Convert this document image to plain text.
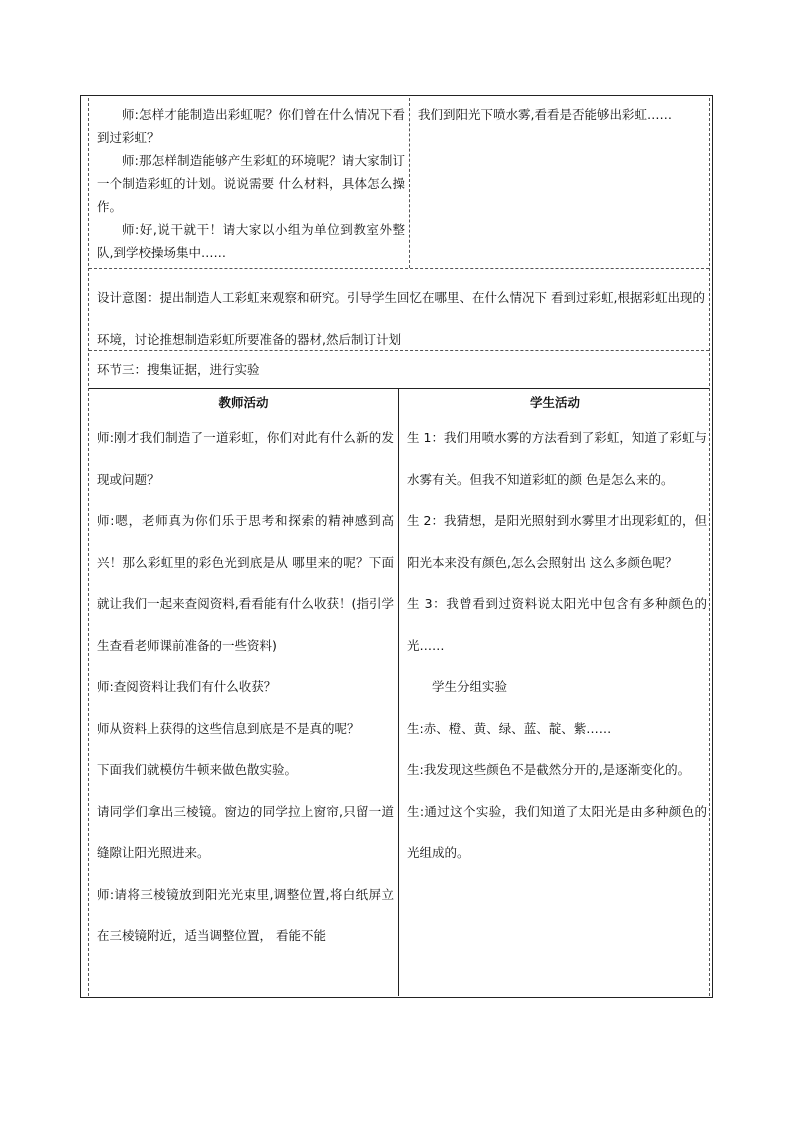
师:怎样才能制造出彩虹呢？你们曾在什么情况下看到过彩虹？

师:那怎样制造能够产生彩虹的环境呢？请大家制订一个制造彩虹的计划。说说需要 什么材料，具体怎么操作。

师:好,说干就干！请大家以小组为单位到教室外整队,到学校操场集中……

我们到阳光下喷水雾,看看是否能够出彩虹……

设计意图：提出制造人工彩虹来观察和研究。引导学生回忆在哪里、在什么情况下 看到过彩虹,根据彩虹出现的环境，讨论推想制造彩虹所要准备的器材,然后制订计划

环节三：搜集证据，进行实验

教师活动	学生活动

师:刚才我们制造了一道彩虹，你们对此有什么新的发现或问题？

师:嗯，老师真为你们乐于思考和探索的精神感到高兴！那么彩虹里的彩色光到底是从 哪里来的呢？下面就让我们一起来查阅资料,看看能有什么收获！(指引学生查看老师课前准备的一些资料)

师:查阅资料让我们有什么收获？

师从资料上获得的这些信息到底是不是真的呢？

下面我们就模仿牛顿来做色散实验。

请同学们拿出三棱镜。窗边的同学拉上窗帘,只留一道缝隙让阳光照进来。

师:请将三棱镜放到阳光光束里,调整位置,将白纸屏立在三棱镜附近，适当调整位置， 看能不能

生 1：我们用喷水雾的方法看到了彩虹，知道了彩虹与水雾有关。但我不知道彩虹的颜 色是怎么来的。

生 2：我猜想，是阳光照射到水雾里才出现彩虹的，但阳光本来没有颜色,怎么会照射出 这么多颜色呢？

生 3：我曾看到过资料说太阳光中包含有多种颜色的光……

学生分组实验

生:赤、橙、黄、绿、蓝、靛、紫……

生:我发现这些颜色不是截然分开的,是逐渐变化的。

生:通过这个实验，我们知道了太阳光是由多种颜色的光组成的。
